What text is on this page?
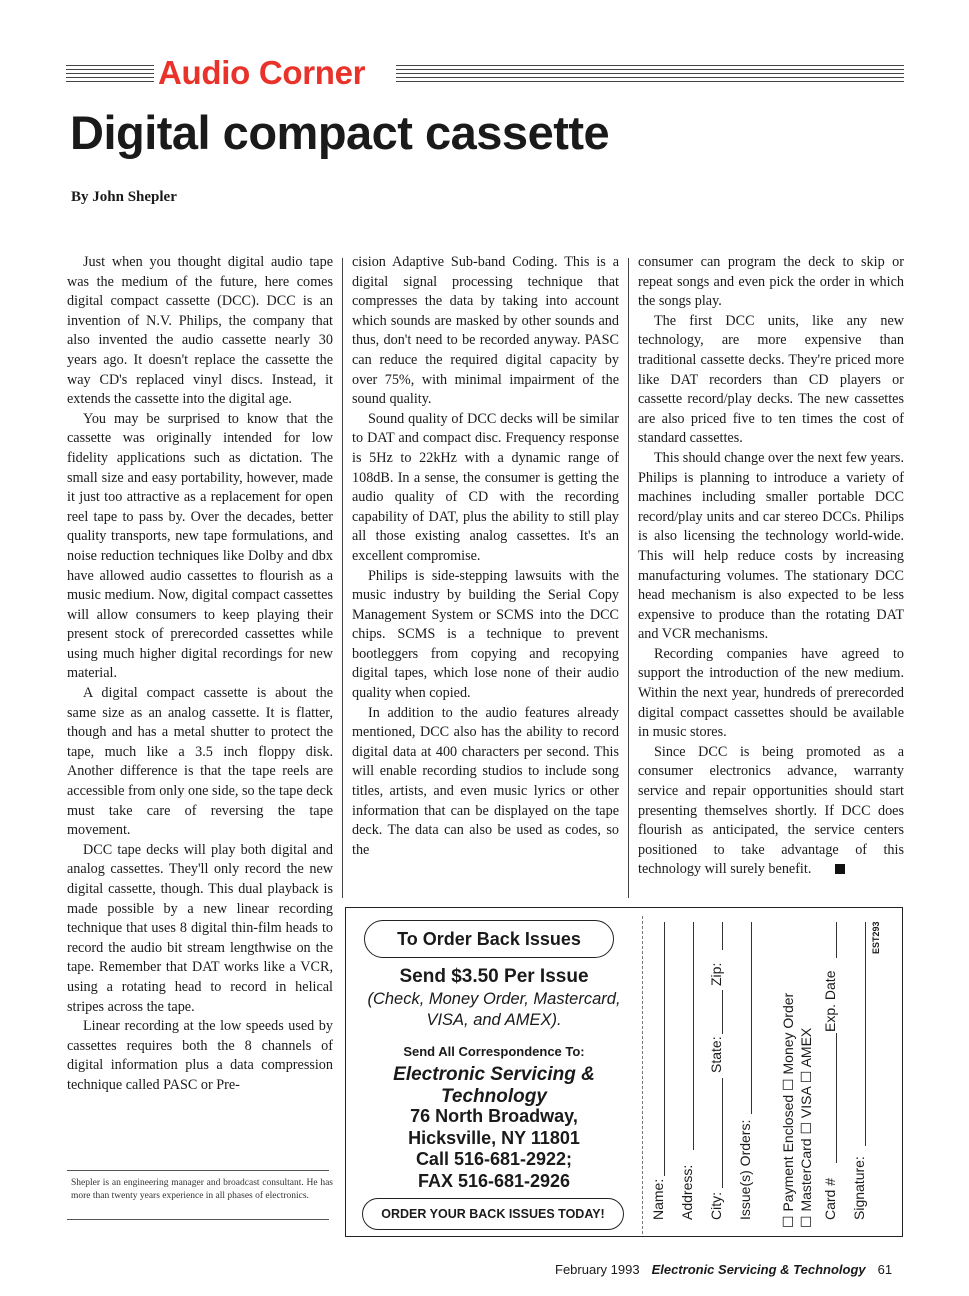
Audio Corner
Digital compact cassette
By John Shepler

Just when you thought digital audio tape was the medium of the future, here comes digital compact cassette (DCC). DCC is an invention of N.V. Philips, the company that also invented the audio cassette nearly 30 years ago. It doesn't replace the cassette the way CD's replaced vinyl discs. Instead, it extends the cassette into the digital age.

You may be surprised to know that the cassette was originally intended for low fidelity applications such as dictation. The small size and easy portability, however, made it just too attractive as a replacement for open reel tape to pass by. Over the decades, better quality transports, new tape formulations, and noise reduction techniques like Dolby and dbx have allowed audio cassettes to flourish as a music medium. Now, digital compact cassettes will allow consumers to keep playing their present stock of prerecorded cassettes while using much higher digital recordings for new material.

A digital compact cassette is about the same size as an analog cassette. It is flatter, though and has a metal shutter to protect the tape, much like a 3.5 inch floppy disk. Another difference is that the tape reels are accessible from only one side, so the tape deck must take care of reversing the tape movement.

DCC tape decks will play both digital and analog cassettes. They'll only record the new digital cassette, though. This dual playback is made possible by a new linear recording technique that uses 8 digital thin-film heads to record the audio bit stream lengthwise on the tape. Remember that DAT works like a VCR, using a rotating head to record in helical stripes across the tape.

Linear recording at the low speeds used by cassettes requires both the 8 channels of digital information plus a data compression technique called PASC or Pre-

cision Adaptive Sub-band Coding. This is a digital signal processing technique that compresses the data by taking into account which sounds are masked by other sounds and thus, don't need to be recorded anyway. PASC can reduce the required digital capacity by over 75%, with minimal impairment of the sound quality.

Sound quality of DCC decks will be similar to DAT and compact disc. Frequency response is 5Hz to 22kHz with a dynamic range of 108dB. In a sense, the consumer is getting the audio quality of CD with the recording capability of DAT, plus the ability to still play all those existing analog cassettes. It's an excellent compromise.

Philips is side-stepping lawsuits with the music industry by building the Serial Copy Management System or SCMS into the DCC chips. SCMS is a technique to prevent bootleggers from copying and recopying digital tapes, which lose none of their audio quality when copied.

In addition to the audio features already mentioned, DCC also has the ability to record digital data at 400 characters per second. This will enable recording studios to include song titles, artists, and even music lyrics or other information that can be displayed on the tape deck. The data can also be used as codes, so the

consumer can program the deck to skip or repeat songs and even pick the order in which the songs play.

The first DCC units, like any new technology, are more expensive than traditional cassette decks. They're priced more like DAT recorders than CD players or cassette record/play decks. The new cassettes are also priced five to ten times the cost of standard cassettes.

This should change over the next few years. Philips is planning to introduce a variety of machines including smaller portable DCC record/play units and car stereo DCCs. Philips is also licensing the technology world-wide. This will help reduce costs by increasing manufacturing volumes. The stationary DCC head mechanism is also expected to be less expensive to produce than the rotating DAT and VCR mechanisms.

Recording companies have agreed to support the introduction of the new medium. Within the next year, hundreds of prerecorded digital compact cassettes should be available in music stores.

Since DCC is being promoted as a consumer electronics advance, warranty service and repair opportunities should start presenting themselves shortly. If DCC does flourish as anticipated, the service centers positioned to take advantage of this technology will surely benefit.

Shepler is an engineering manager and broadcast consultant. He has more than twenty years experience in all phases of electronics.
To Order Back Issues
Send $3.50 Per Issue
(Check, Money Order, Mastercard, VISA, and AMEX).
Send All Correspondence To:
Electronic Servicing & Technology
76 North Broadway,
Hicksville, NY 11801
Call 516-681-2922;
FAX 516-681-2926
ORDER YOUR BACK ISSUES TODAY!	Name: Address: City:
State:
Zip:
Issue(s) Orders: ☐ Payment Enclosed ☐ Money Order ☐ MasterCard ☐ VISA ☐ AMEX Card #
Exp. Date
Signature:
EST293
February 1993 Electronic Servicing & Technology 61
